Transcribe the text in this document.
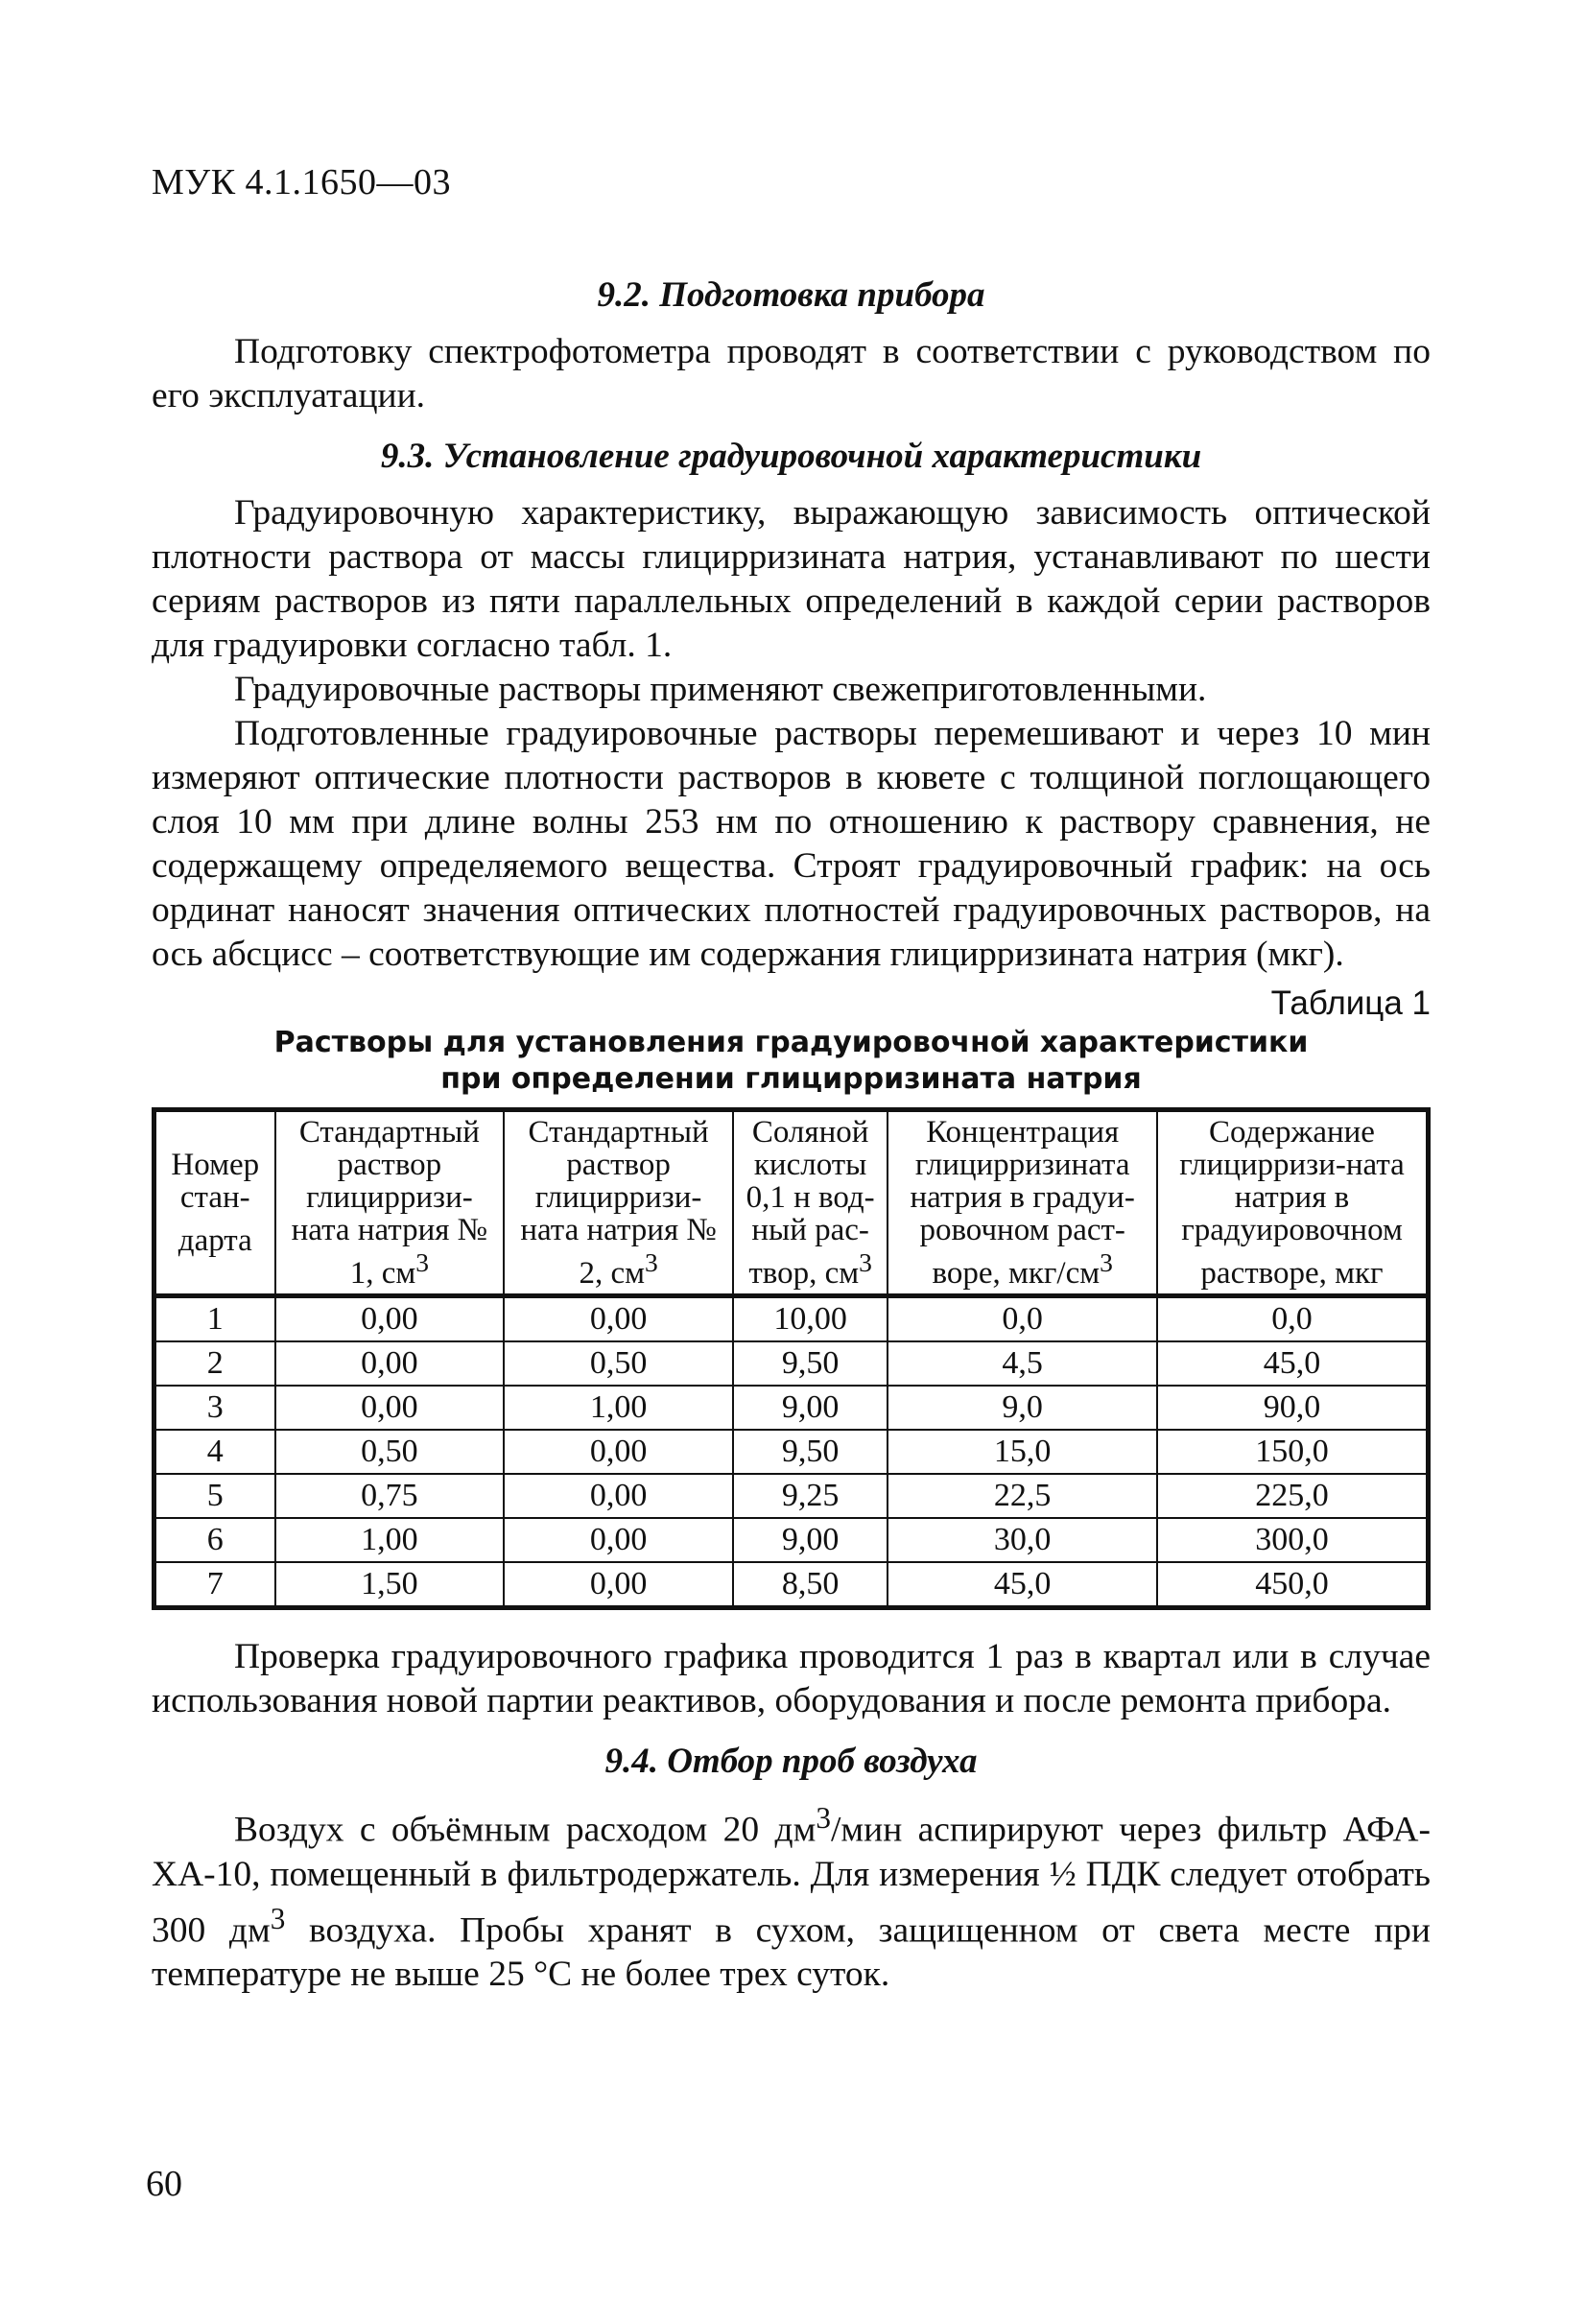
МУК 4.1.1650—03
9.2. Подготовка прибора

Подготовку спектрофотометра проводят в соответствии с руководством по его эксплуатации.

9.3. Установление градуировочной характеристики

Градуировочную характеристику, выражающую зависимость оптической плотности раствора от массы глицирризината натрия, устанавливают по шести сериям растворов из пяти параллельных определений в каждой серии растворов для градуировки согласно табл. 1.

Градуировочные растворы применяют свежеприготовленными.

Подготовленные градуировочные растворы перемешивают и через 10 мин измеряют оптические плотности растворов в кювете с толщиной поглощающего слоя 10 мм при длине волны 253 нм по отношению к раствору сравнения, не содержащему определяемого вещества. Строят градуировочный график: на ось ординат наносят значения оптических плотностей градуировочных растворов, на ось абсцисс – соответствующие им содержания глицирризината натрия (мкг).

Таблица 1
Растворы для установления градуировочной характеристики
при определении глицирризината натрия
Номер стан-дарта	Стандартный раствор глицирризи-ната натрия № 1, $см^3$	Стандартный раствор глицирризи-ната натрия № 2, $см^3$	Соляной кислоты 0,1 н вод-ный рас-твор, $см^3$	Концентрация глицирризината натрия в градуи-ровочном раст-воре, мкг/$см^3$	Содержание глицирризи-ната натрия в градуировочном растворе, мкг
1	0,00	0,00	10,00	0,0	0,0
2	0,00	0,50	9,50	4,5	45,0
3	0,00	1,00	9,00	9,0	90,0
4	0,50	0,00	9,50	15,0	150,0
5	0,75	0,00	9,25	22,5	225,0
6	1,00	0,00	9,00	30,0	300,0
7	1,50	0,00	8,50	45,0	450,0

Проверка градуировочного графика проводится 1 раз в квартал или в случае использования новой партии реактивов, оборудования и после ремонта прибора.

9.4. Отбор проб воздуха

Воздух с объёмным расходом 20 $дм^3$/мин аспирируют через фильтр АФА-ХА-10, помещенный в фильтродержатель. Для измерения ½ ПДК следует отобрать 300 $дм^3$ воздуха. Пробы хранят в сухом, защищенном от света месте при температуре не выше 25 °С не более трех суток.

60
